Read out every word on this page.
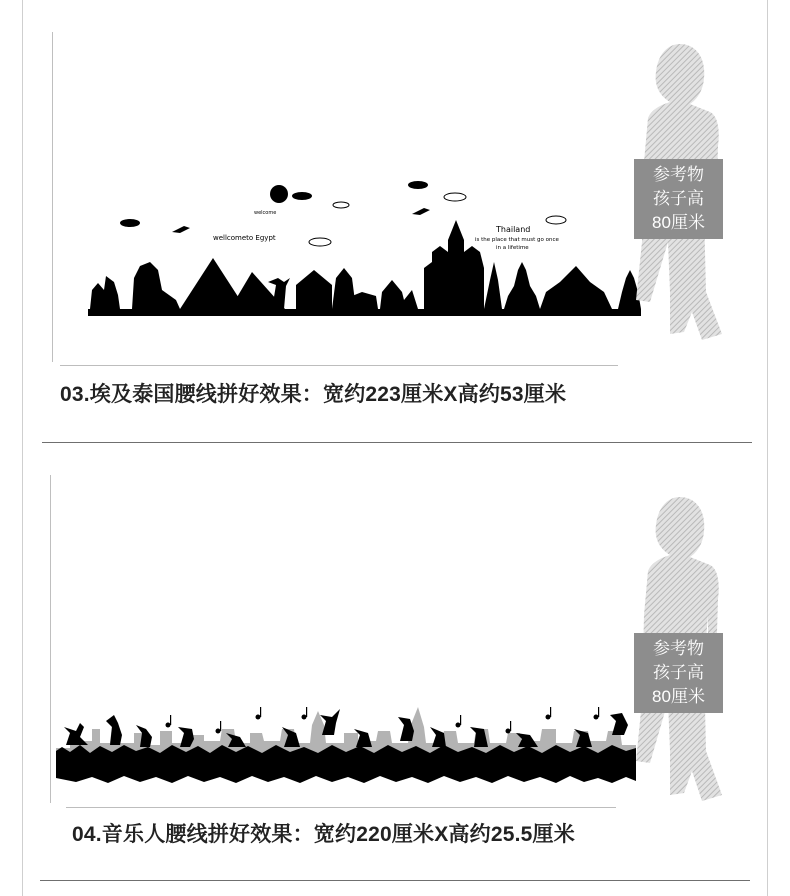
wellcometo Egypt
welcome
Thailand
is the place that must go once
in a lifetime
参考物
孩子高
80厘米
03.埃及泰国腰线拼好效果：宽约223厘米X高约53厘米
参考物
孩子高
80厘米
04.音乐人腰线拼好效果：宽约220厘米X高约25.5厘米
